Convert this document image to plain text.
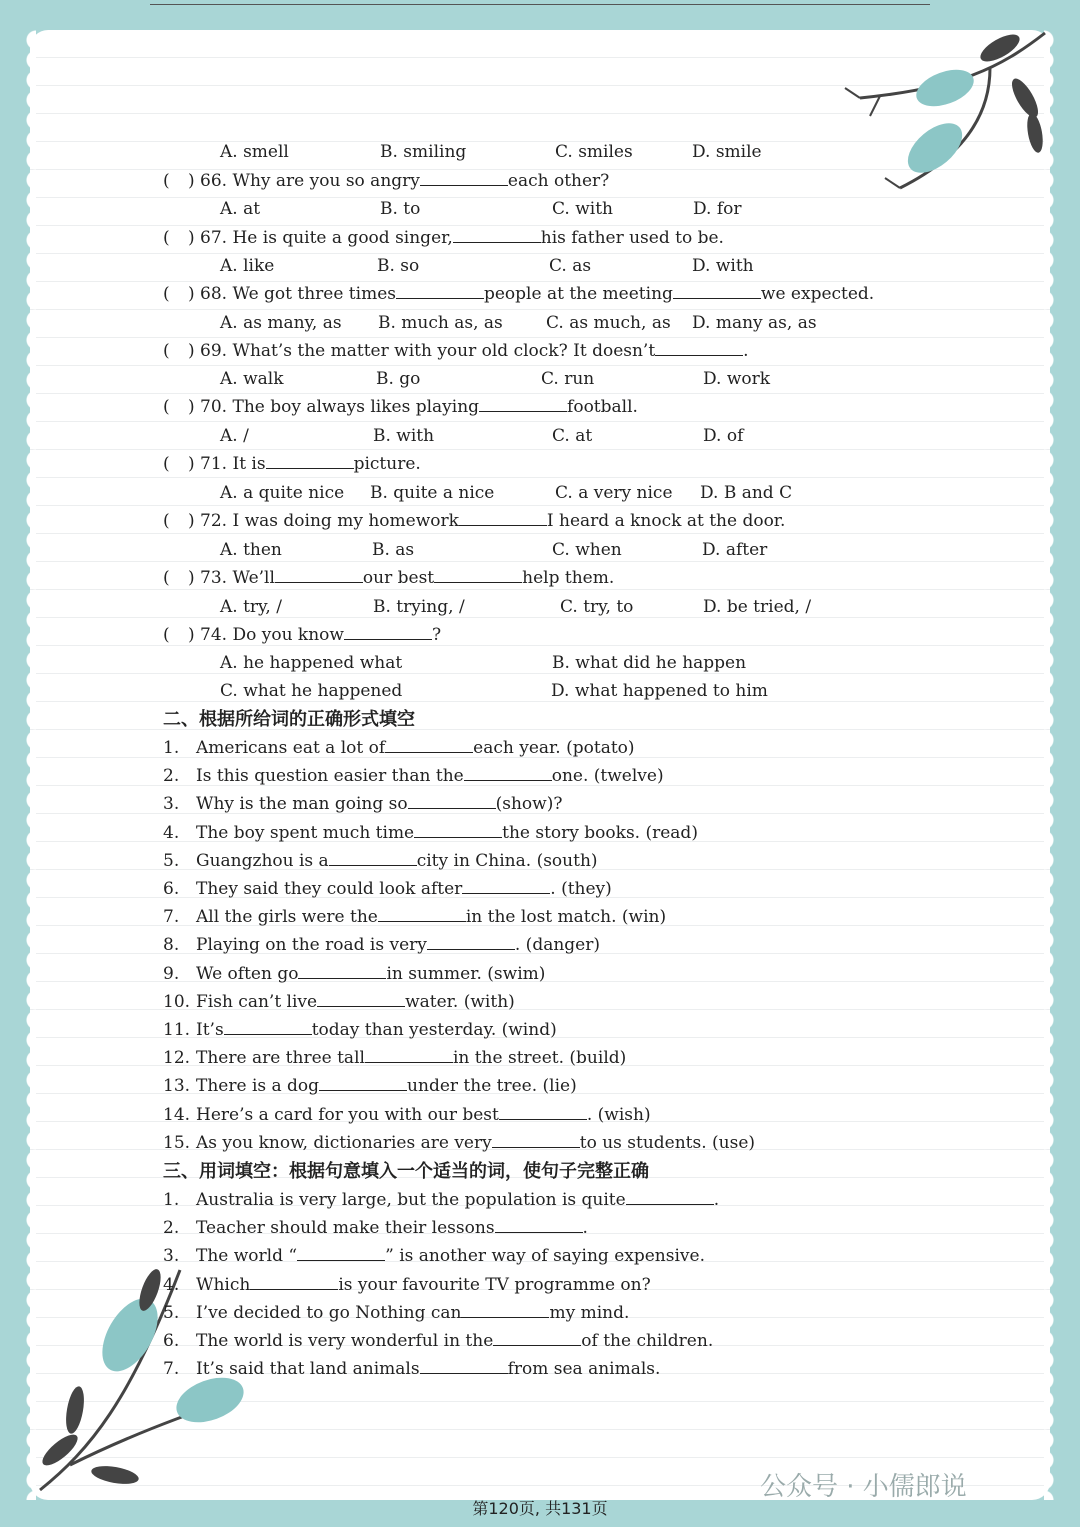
A. smell	B. smiling	C. smiles	D. smile
( ) 66. Why are you so angry	each other?
A. at	B. to	C. with	D. for
( ) 67. He is quite a good singer,	his father used to be.
A. like	B. so	C. as	D. with
( ) 68. We got three times	people at the meeting	we expected.
A. as many, as B. much as, as	C. as much, as D. many as, as
( ) 69. What’s the matter with your old clock? It doesn’t	.
A. walk	B. go	C. run	D. work
( ) 70. The boy always likes playing	football.
A. /	B. with	C. at	D. of
( ) 71. It is	picture.
A. a quite nice B. quite a nice	C. a very nice D. B and C
( ) 72. I was doing my homework	I heard a knock at the door.
A. then	B. as	C. when	D. after
( ) 73. We’ll	our best	help them.
A. try, /	B. trying, /	C. try, to	D. be tried, /
( ) 74. Do you know	?
A. he happened what	B. what did he happen
C. what he happened	D. what happened to him
二、根据所给词的正确形式填空
1. Americans eat a lot of	each year. (potato)
2. Is this question easier than the	one. (twelve)
3. Why is the man going so	(show)?
4. The boy spent much time	the story books. (read)
5. Guangzhou is a	city in China. (south)
6. They said they could look after	. (they)
7. All the girls were the	in the lost match. (win)
8. Playing on the road is very	. (danger)
9. We often go	in summer. (swim)
10. Fish can’t live	water. (with)
11. It’s	today than yesterday. (wind)
12. There are three tall	in the street. (build)
13. There is a dog	under the tree. (lie)
14. Here’s a card for you with our best	. (wish)
15. As you know, dictionaries are very	to us students. (use)
三、用词填空：根据句意填入一个适当的词，使句子完整正确
1. Australia is very large, but the population is quite	.
2. Teacher should make their lessons	.
3. The world “	” is another way of saying expensive.
4. Which	is your favourite TV programme on?
5. I’ve decided to go Nothing can	my mind.
6. The world is very wonderful in the	of the children.
7. It’s said that land animals	from sea animals.
第120页, 共131页
公众号 · 小儒郎说
